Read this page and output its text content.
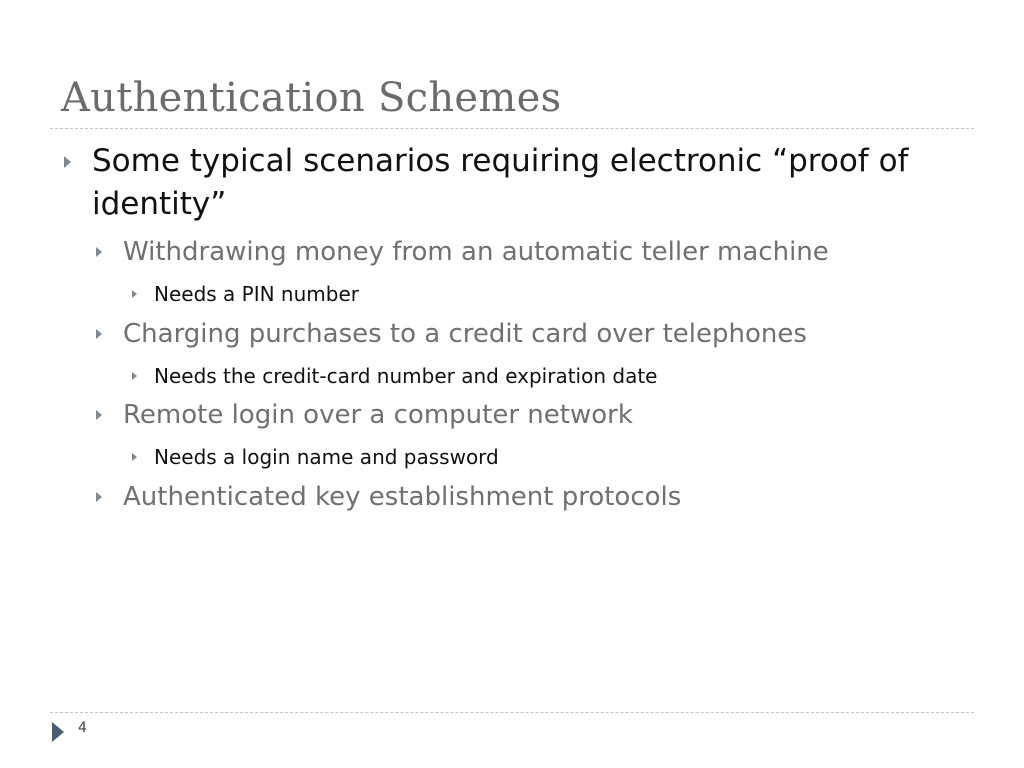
Authentication Schemes
Some typical scenarios requiring electronic “proof of identity”
Withdrawing money from an automatic teller machine
Needs a PIN number
Charging purchases to a credit card over telephones
Needs the credit-card number and expiration date
Remote login over a computer network
Needs a login name and password
Authenticated key establishment protocols
4
